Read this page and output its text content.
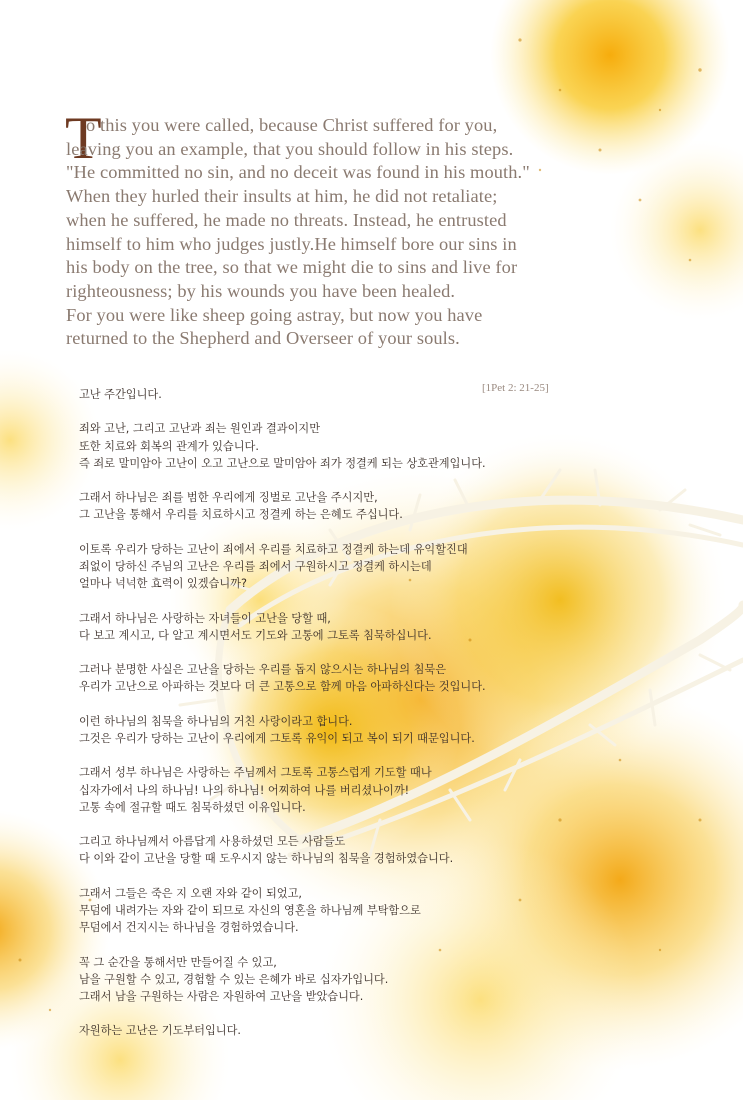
T
o this you were called, because Christ suffered for you,
leaving you an example, that you should follow in his steps.
"He committed no sin, and no deceit was found in his mouth."
When they hurled their insults at him, he did not retaliate;
when he suffered, he made no threats. Instead, he entrusted
himself to him who judges justly.He himself bore our sins in
his body on the tree, so that we might die to sins and live for
righteousness; by his wounds you have been healed.
For you were like sheep going astray, but now you have
returned to the Shepherd and Overseer of your souls.
[1Pet 2: 21-25]
고난 주간입니다.
죄와 고난, 그리고 고난과 죄는 원인과 결과이지만
또한 치료와 회복의 관계가 있습니다.
즉 죄로 말미암아 고난이 오고 고난으로 말미암아 죄가 정결케 되는 상호관계입니다.
그래서 하나님은 죄를 범한 우리에게 징벌로 고난을 주시지만,
그 고난을 통해서 우리를 치료하시고 정결케 하는 은혜도 주십니다.
이토록 우리가 당하는 고난이 죄에서 우리를 치료하고 정결케 하는데 유익할진대
죄없이 당하신 주님의 고난은 우리를 죄에서 구원하시고 정결케 하시는데
얼마나 넉넉한 효력이 있겠습니까?
그래서 하나님은 사랑하는 자녀들이 고난을 당할 때,
다 보고 계시고, 다 알고 계시면서도 기도와 고통에 그토록 침묵하십니다.
그러나 분명한 사실은 고난을 당하는 우리를 돕지 않으시는 하나님의 침묵은
우리가 고난으로 아파하는 것보다 더 큰 고통으로 함께 마음 아파하신다는 것입니다.
이런 하나님의 침묵을 하나님의 거친 사랑이라고 합니다.
그것은 우리가 당하는 고난이 우리에게 그토록 유익이 되고 복이 되기 때문입니다.
그래서 성부 하나님은 사랑하는 주님께서 그토록 고통스럽게 기도할 때나
십자가에서 나의 하나님! 나의 하나님! 어찌하여 나를 버리셨나이까!
고통 속에 절규할 때도 침묵하셨던 이유입니다.
그리고 하나님께서 아름답게 사용하셨던 모든 사람들도
다 이와 같이 고난을 당할 때 도우시지 않는 하나님의 침묵을 경험하였습니다.
그래서 그들은 죽은 지 오랜 자와 같이 되었고,
무덤에 내려가는 자와 같이 되므로 자신의 영혼을 하나님께 부탁함으로
무덤에서 건지시는 하나님을 경험하였습니다.
꼭 그 순간을 통해서만 만들어질 수 있고,
남을 구원할 수 있고, 경험할 수 있는 은혜가 바로 십자가입니다.
그래서 남을 구원하는 사람은 자원하여 고난을 받았습니다.
자원하는 고난은 기도부터입니다.
